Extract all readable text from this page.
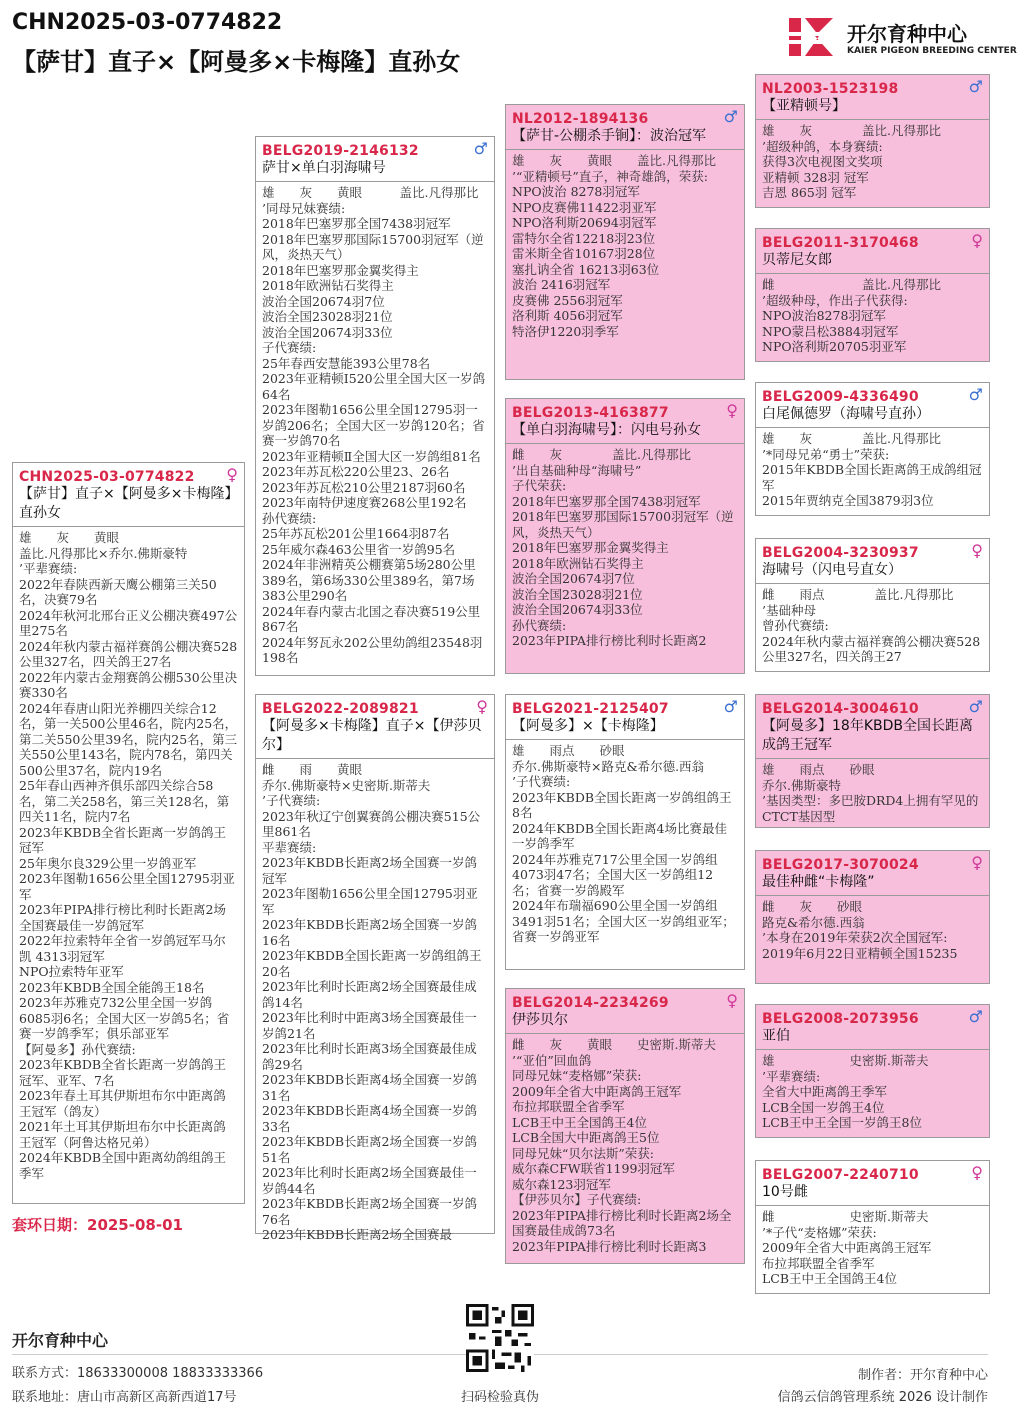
CHN2025-03-0774822
【萨甘】直子×【阿曼多×卡梅隆】直孙女
开尔育种中心
KAIER PIGEON BREEDING CENTER
CHN2025-03-0774822 ♀
【萨甘】直子×【阿曼多×卡梅隆】直孙女
雄　　灰　　黄眼
盖比.凡得那比×乔尔.佛斯豪特
’平辈赛绩:
2022年春陕西新天鹰公棚第三关50名，决赛79名
2024年秋河北邢台正义公棚决赛497公里275名
2024年秋内蒙古福祥赛鸽公棚决赛528公里327名，四关鸽王27名
2022年内蒙古金翔赛鸽公棚530公里决赛330名
2024年春唐山阳光养棚四关综合12名，第一关500公里46名，院内25名，第二关550公里39名，院内25名，第三关550公里143名，院内78名，第四关500公里37名，院内19名
25年春山西神齐俱乐部四关综合58名，第二关258名，第三关128名，第四关11名，院内7名
2023年KBDB全省长距离一岁鸽鸽王冠军
25年奥尔良329公里一岁鸽亚军
2023年图勒1656公里全国12795羽亚军
2023年PIPA排行榜比利时长距离2场全国赛最佳一岁鸽冠军
2022年拉索特年全省一岁鸽冠军马尔凯 4313羽冠军
NPO拉索特年亚军
2023年KBDB全国全能鸽王18名
2023年苏雅克732公里全国一岁鸽6085羽6名；全国大区一岁鸽5名；省赛一岁鸽季军；俱乐部亚军
【阿曼多】孙代赛绩:
2023年KBDB全省长距离一岁鸽鸽王冠军、亚军、7名
2023年春土耳其伊斯坦布尔中距离鸽王冠军（鸽友）
2021年土耳其伊斯坦布尔中长距离鸽王冠军（阿鲁达格兄弟）
2024年KBDB全国中距离幼鸽组鸽王季军
BELG2019-2146132	♂
萨甘×单白羽海啸号
雄　　灰　　黄眼　　　盖比.凡得那比
’同母兄妹赛绩:
2018年巴塞罗那全国7438羽冠军
2018年巴塞罗那国际15700羽冠军（逆风，炎热天气）
2018年巴塞罗那金翼奖得主
2018年欧洲钻石奖得主
波治全国20674羽7位
波治全国23028羽21位
波治全国20674羽33位
子代赛绩:
25年春西安慧能393公里78名
2023年亚精顿Ⅰ520公里全国大区一岁鸽64名
2023年图勒1656公里全国12795羽一岁鸽206名；全国大区一岁鸽120名；省赛一岁鸽70名
2023年亚精顿Ⅱ全国大区一岁鸽组81名
2023年苏瓦松220公里23、26名
2023年苏瓦松210公里2187羽60名
2023年南特伊速度赛268公里192名
孙代赛绩:
25年苏瓦松201公里1664羽87名
25年威尔森463公里省一岁鸽95名
2024年非洲精英公棚赛第5场280公里389名，第6场330公里389名，第7场383公里290名
2024年春内蒙古北国之春决赛519公里867名
2024年努瓦永202公里幼鸽组23548羽198名
BELG2022-2089821	♀
【阿曼多×卡梅隆】直子×【伊莎贝尔】
雌　　雨　　黄眼
乔尔.佛斯豪特×史密斯.斯蒂夫
’子代赛绩:
2023年秋辽宁创翼赛鸽公棚决赛515公里861名
平辈赛绩:
2023年KBDB长距离2场全国赛一岁鸽冠军
2023年图勒1656公里全国12795羽亚军
2023年KBDB长距离2场全国赛一岁鸽16名
2023年KBDB全国长距离一岁鸽组鸽王20名
2023年比利时长距离2场全国赛最佳成鸽14名
2023年比利时中距离3场全国赛最佳一岁鸽21名
2023年比利时长距离3场全国赛最佳成鸽29名
2023年KBDB长距离4场全国赛一岁鸽31名
2023年KBDB长距离4场全国赛一岁鸽33名
2023年KBDB长距离2场全国赛一岁鸽51名
2023年比利时长距离2场全国赛最佳一岁鸽44名
2023年KBDB长距离2场全国赛一岁鸽76名
2023年KBDB长距离2场全国赛最
NL2012-1894136	♂
【萨甘-公棚杀手锏】：波治冠军
雄　　灰　　黄眼　　盖比.凡得那比
’“亚精顿号”直子，神奇雄鸽，荣获:
NPO波治 8278羽冠军
NPO皮赛佛11422羽亚军
NPO洛利斯20694羽冠军
雷特尔全省12218羽23位
雷米斯全省10167羽28位
塞扎讷全省 16213羽63位
波治 2416羽冠军
皮赛佛 2556羽冠军
洛利斯 4056羽冠军
特洛伊1220羽季军
BELG2013-4163877	♀
【单白羽海啸号】：闪电号孙女
雌　　灰　　　　盖比.凡得那比
’出自基础种母“海啸号”
子代荣获:
2018年巴塞罗那全国7438羽冠军
2018年巴塞罗那国际15700羽冠军（逆风，炎热天气）
2018年巴塞罗那金翼奖得主
2018年欧洲钻石奖得主
波治全国20674羽7位
波治全国23028羽21位
波治全国20674羽33位
孙代赛绩:
2023年PIPA排行榜比利时长距离2
BELG2021-2125407	♂
【阿曼多】×【卡梅隆】
雄　　雨点　　砂眼
乔尔.佛斯豪特×路克&希尔德.西翁
’子代赛绩:
2023年KBDB全国长距离一岁鸽组鸽王8名
2024年KBDB全国长距离4场比赛最佳一岁鸽季军
2024年苏雅克717公里全国一岁鸽组4073羽47名；全国大区一岁鸽组12名；省赛一岁鸽殿军
2024年布瑞福690公里全国一岁鸽组3491羽51名；全国大区一岁鸽组亚军；省赛一岁鸽亚军
BELG2014-2234269	♀
伊莎贝尔
雌　　灰　　黄眼　　史密斯.斯蒂夫
’“亚伯”回血鸽
同母兄妹“麦格娜”荣获:
2009年全省大中距离鸽王冠军
布拉邦联盟全省季军
LCB王中王全国鸽王4位
LCB全国大中距离鸽王5位
同母兄妹“贝尔法斯”荣获:
威尔森CFW联省1199羽冠军
威尔森123羽冠军
【伊莎贝尔】子代赛绩:
2023年PIPA排行榜比利时长距离2场全国赛最佳成鸽73名
2023年PIPA排行榜比利时长距离3
NL2003-1523198	♂
【亚精顿号】
雄　　灰　　　　盖比.凡得那比
’超级种鸽，本身赛绩:
获得3次电视图文奖项
亚精顿 328羽 冠军
吉恩 865羽 冠军
BELG2011-3170468	♀
贝蒂尼女郎
雌　　　　　　　盖比.凡得那比
’超级种母，作出子代获得:
NPO波治8278羽冠军
NPO蒙吕松3884羽冠军
NPO洛利斯20705羽亚军
BELG2009-4336490	♂
白尾佩德罗（海啸号直孙）
雄　　灰　　　　盖比.凡得那比
’*同母兄弟“勇士”荣获:
2015年KBDB全国长距离鸽王成鸽组冠军
2015年贾纳克全国3879羽3位
BELG2004-3230937	♀
海啸号（闪电号直女）
雌　　雨点　　　　盖比.凡得那比
’基础种母
曾孙代赛绩:
2024年秋内蒙古福祥赛鸽公棚决赛528公里327名，四关鸽王27
BELG2014-3004610	♂
【阿曼多】18年KBDB全国长距离成鸽王冠军
雄　　雨点　　砂眼
乔尔.佛斯豪特
’基因类型：多巴胺DRD4上拥有罕见的CTCT基因型
BELG2017-3070024	♀
最佳种雌“卡梅隆”
雌　　灰　　砂眼
路克&希尔德.西翁
’本身在2019年荣获2次全国冠军:
2019年6月22日亚精顿全国15235
BELG2008-2073956	♂
亚伯
雄　　　　　　史密斯.斯蒂夫
’平辈赛绩:
全省大中距离鸽王季军
LCB全国一岁鸽王4位
LCB王中王全国一岁鸽王8位
BELG2007-2240710	♀
10号雌
雌　　　　　　史密斯.斯蒂夫
’*子代“麦格娜”荣获:
2009年全省大中距离鸽王冠军
布拉邦联盟全省季军
LCB王中王全国鸽王4位
套环日期：2025-08-01
开尔育种中心
联系方式：18633300008 18833333366
联系地址：唐山市高新区高新西道17号	扫码检验真伪
制作者：开尔育种中心
信鸽云信鸽管理系统 2026 设计制作
